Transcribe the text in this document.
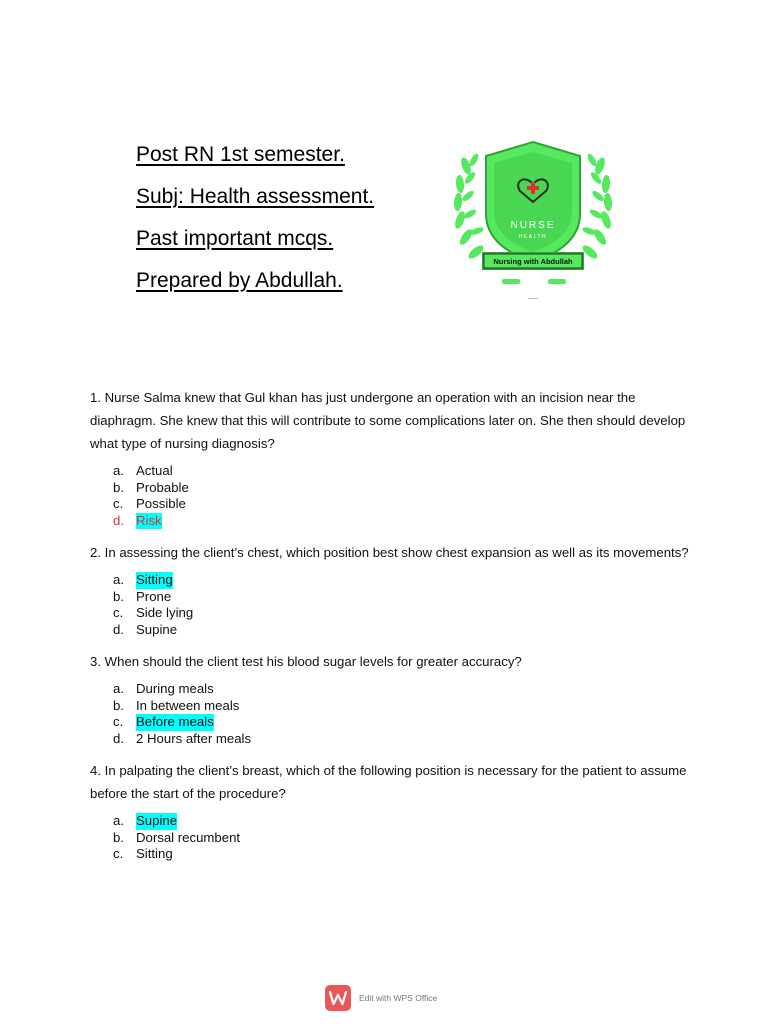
Post RN 1st semester.
Subj: Health assessment.
Past important mcqs.
Prepared by Abdullah.
NURSE
HEALTH
Nursing with Abdullah

1. Nurse Salma knew that Gul khan has just undergone an operation with an incision near the diaphragm. She knew that this will contribute to some complications later on. She then should develop what type of nursing diagnosis?

a. Actual
b. Probable
c. Possible
d. Risk

2. In assessing the client’s chest, which position best show chest expansion as well as its movements?

a. Sitting
b. Prone
c. Side lying
d. Supine

3. When should the client test his blood sugar levels for greater accuracy?

a. During meals
b. In between meals
c. Before meals
d. 2 Hours after meals

4. In palpating the client’s breast, which of the following position is necessary for the patient to assume before the start of the procedure?

a. Supine
b. Dorsal recumbent
c. Sitting
Edit with WPS Office
